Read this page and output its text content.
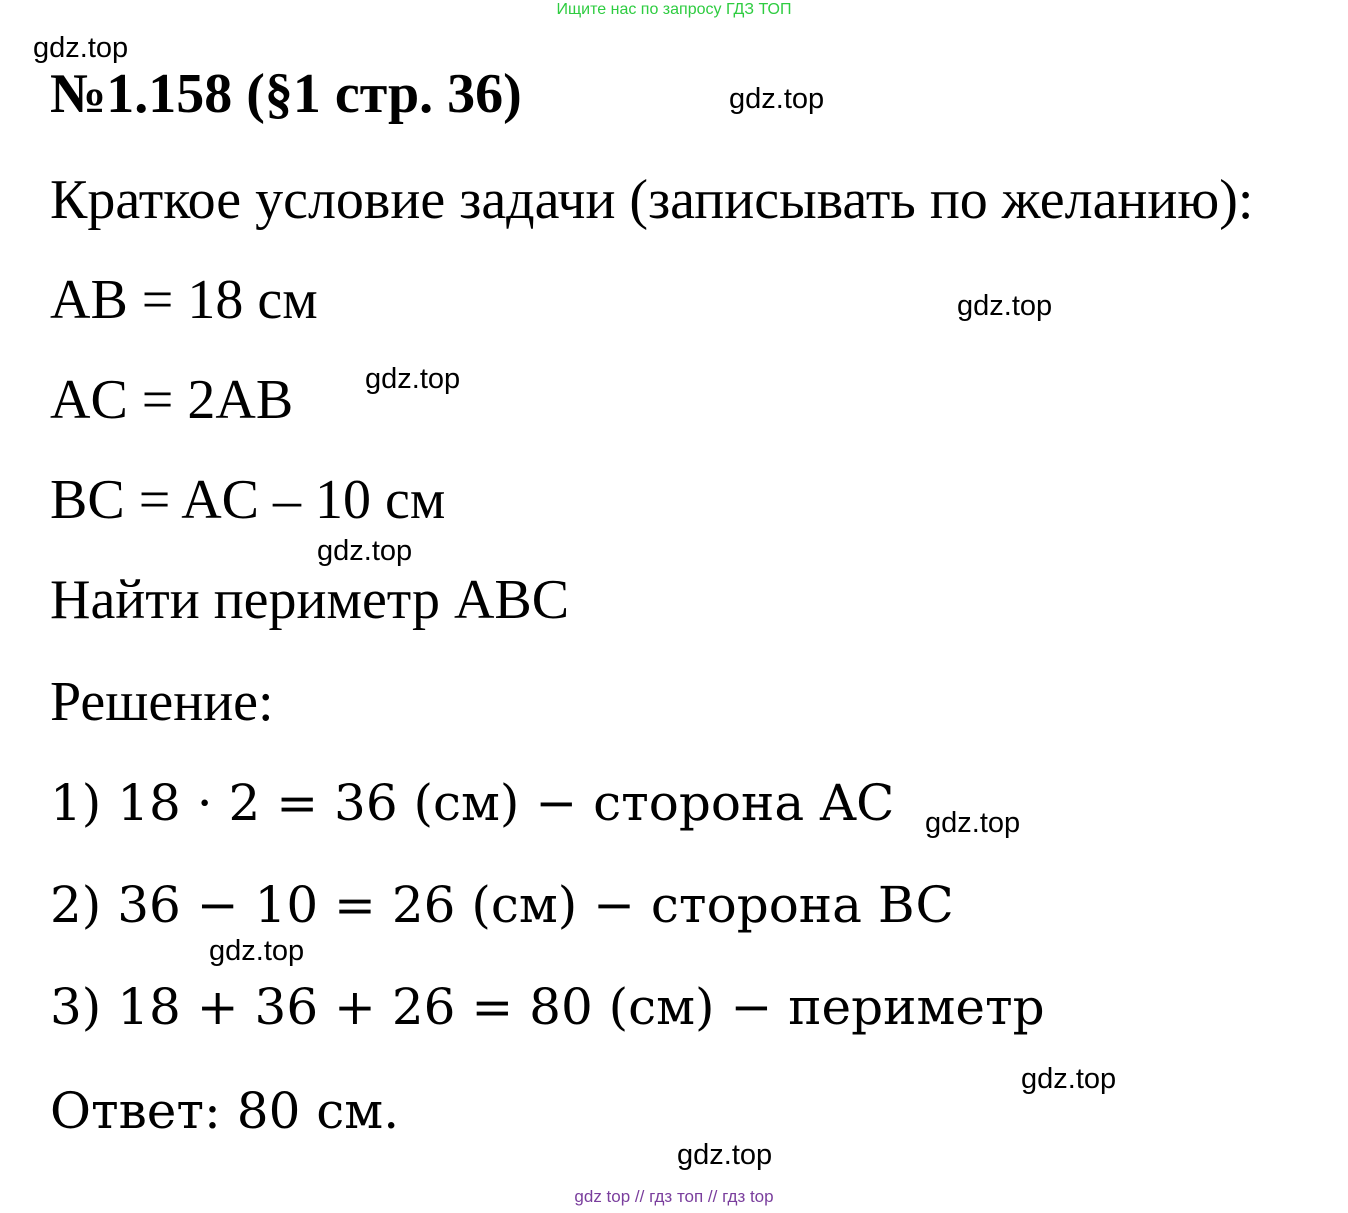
Ищите нас по запросу ГДЗ ТОП
gdz.top
gdz.top
gdz.top
gdz.top
gdz.top
gdz.top
gdz.top
gdz.top
gdz.top
№1.158 (§1 стр. 36)
Краткое условие задачи (записывать по желанию):
AB = 18 см
AC = 2AB
BC = AC – 10 см
Найти периметр ABC
Решение:
1) 18 · 2 = 36 (см) − сторона AC
2) 36 − 10 = 26 (см) − сторона BC
3) 18 + 36 + 26 = 80 (см) − периметр
Ответ: 80 см.
gdz top // гдз топ // гдз top
